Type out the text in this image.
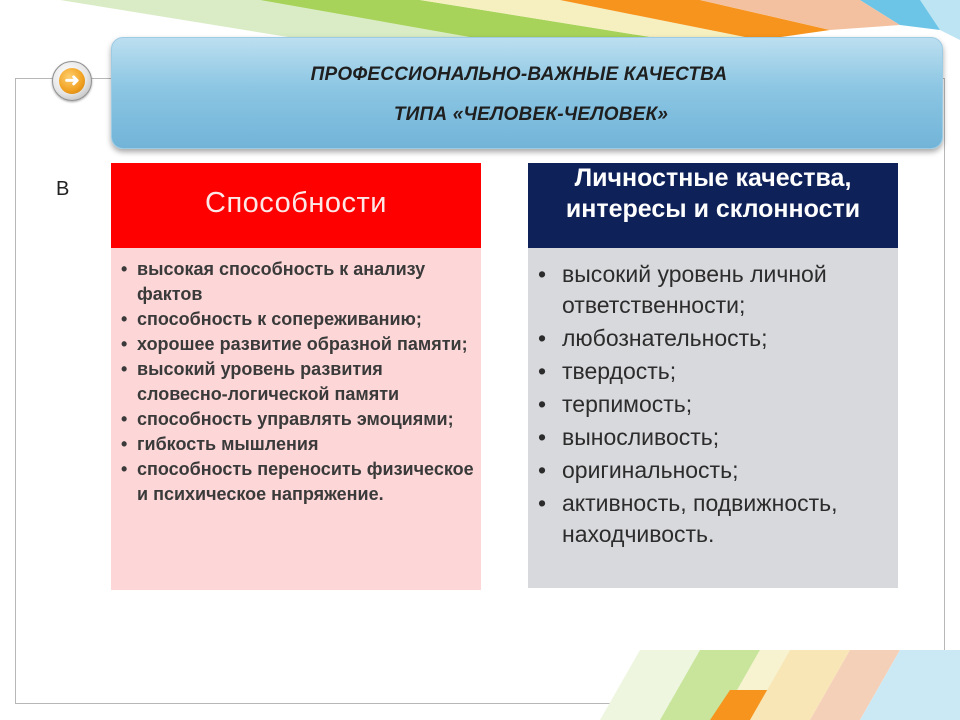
➜	ПРОФЕССИОНАЛЬНО-ВАЖНЫЕ КАЧЕСТВА
ТИПА «ЧЕЛОВЕК-ЧЕЛОВЕК»
В	Способности
• высокая способность к анализу фактов
• способность к сопереживанию;
• хорошее развитие образной памяти;
• высокий уровень развития словесно-логической памяти
• способность управлять эмоциями;
• гибкость мышления
• способность переносить физическое и психическое напряжение.
Личностные качества, интересы и склонности
• высокий уровень личной ответственности;
• любознательность;
• твердость;
• терпимость;
• выносливость;
• оригинальность;
• активность, подвижность, находчивость.
